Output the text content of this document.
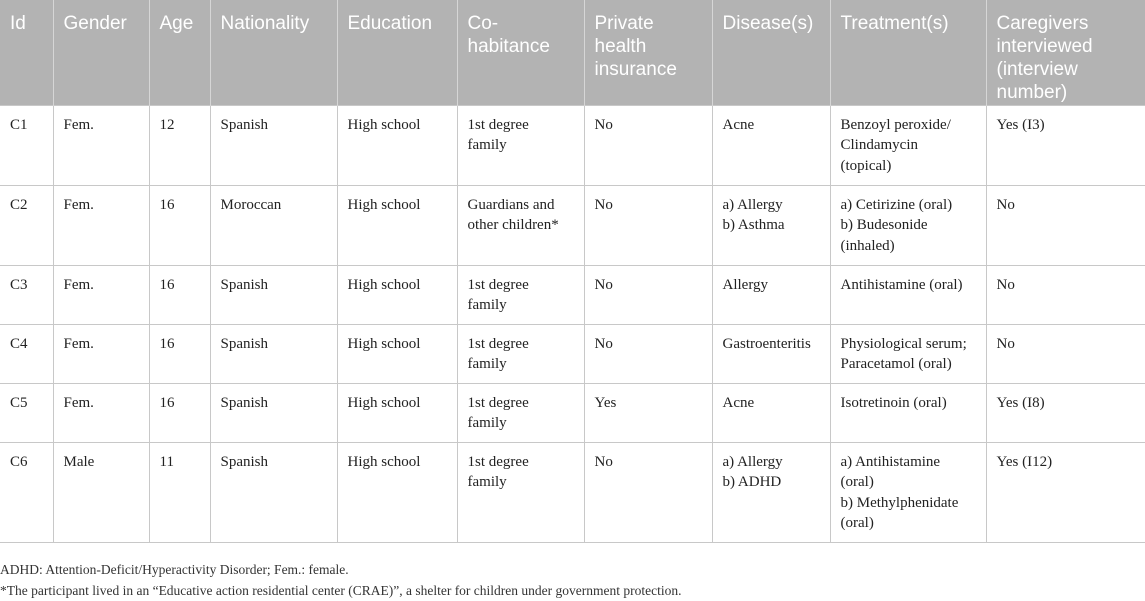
Id	Gender	Age	Nationality	Education	Co-
habitance	Private
health
insurance	Disease(s)	Treatment(s)	Caregivers
interviewed
(interview
number)

C1	Fem.	12	Spanish	High school	1st degree
family	No	Acne	Benzoyl peroxide/
Clindamycin
(topical)	Yes (I3)

C2	Fem.	16	Moroccan	High school	Guardians and
other children*	No	a) Allergy
b) Asthma	a) Cetirizine (oral)
b) Budesonide
(inhaled)	No

C3	Fem.	16	Spanish	High school	1st degree
family	No	Allergy	Antihistamine (oral)	No

C4	Fem.	16	Spanish	High school	1st degree
family	No	Gastroenteritis	Physiological serum;
Paracetamol (oral)	No

C5	Fem.	16	Spanish	High school	1st degree
family	Yes	Acne	Isotretinoin (oral)	Yes (I8)

C6	Male	11	Spanish	High school	1st degree
family	No	a) Allergy
b) ADHD	a) Antihistamine
(oral)
b) Methylphenidate
(oral)	Yes (I12)
ADHD: Attention-Deficit/Hyperactivity Disorder; Fem.: female.
*The participant lived in an “Educative action residential center (CRAE)”, a shelter for children under government protection.
